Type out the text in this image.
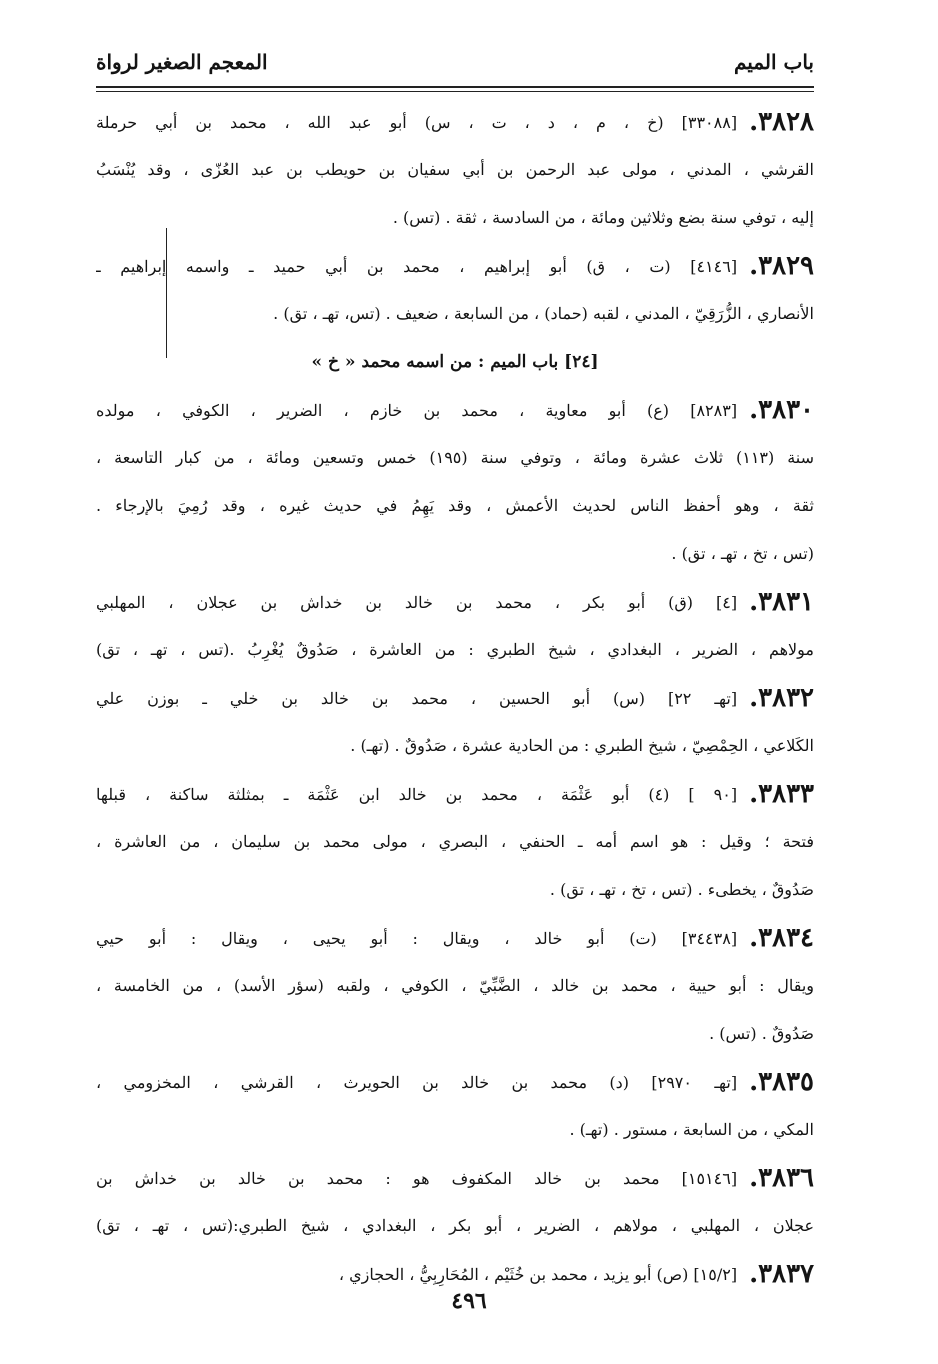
باب الميم
المعجم الصغير لرواة
٣٨٢٨.[٣٣٠٨٨] (خ ، م ، د ، ت ، س) أبو عبد الله ، محمد بن أبي حرملة
القرشي ، المدني ، مولى عبد الرحمن بن أبي سفيان بن حويطب بن عبد العُزّى ، وقد يُنْسَبُ
إليه ، توفي سنة بضع وثلاثين ومائة ، من السادسة ، ثقة . (تس) .
٣٨٢٩.[٤١٤٦] (ت ، ق) أبو إبراهيم ، محمد بن أبي حميد ـ واسمه إبراهيم ـ
الأنصاري ، الزُّرَقِيّ ، المدني ، لقبه (حماد) ، من السابعة ، ضعيف . (تس، تهـ ، تق) .
[٢٤] باب الميم : من اسمه محمد « خ »
٣٨٣٠.[٨٢٨٣] (ع) أبو معاوية ، محمد بن خازم ، الضرير ، الكوفي ، مولده
سنة (١١٣) ثلاث عشرة ومائة ، وتوفي سنة (١٩٥) خمس وتسعين ومائة ، من كبار التاسعة ،
ثقة ، وهو أحفظ الناس لحديث الأعمش ، وقد يَهِمُ في حديث غيره ، وقد رُمِيَ بالإرجاء .
(تس ، تخ ، تهـ ، تق) .
٣٨٣١.[٤] (ق) أبو بكر ، محمد بن خالد بن خداش بن عجلان ، المهلبي
مولاهم ، الضرير ، البغدادي ، شيخ الطبري : من العاشرة ، صَدُوقٌ يُغْرِبُ .(تس ، تهـ ، تق)
٣٨٣٢.[تهـ ٢٢] (س) أبو الحسين ، محمد بن خالد بن خلي ـ بوزن علي
الكَلاعي ، الحِمْصِيّ ، شيخ الطبري : من الحادية عشرة ، صَدُوقٌ . (تهـ) .
٣٨٣٣.[٩٠ ] (٤) أبو عَثْمَة ، محمد بن خالد ابن عَثْمَة ـ بمثلثة ساكنة ، قبلها
فتحة ؛ وقيل : هو اسم أمه ـ الحنفي ، البصري ، مولى محمد بن سليمان ، من العاشرة ،
صَدُوقٌ ، يخطىء . (تس ، تخ ، تهـ ، تق) .
٣٨٣٤.[٣٤٤٣٨] (ت) أبو خالد ، ويقال : أبو يحيى ، ويقال : أبو حيي
ويقال : أبو حيية ، محمد بن خالد ، الضَّبِّيّ ، الكوفي ، ولقبه (سؤر الأسد) ، من الخامسة ،
صَدُوقٌ . (تس) .
٣٨٣٥.[تهـ ٢٩٧٠] (د) محمد بن خالد بن الحويرث ، القرشي ، المخزومي ،
المكي ، من السابعة ، مستور . (تهـ) .
٣٨٣٦.[١٥١٤٦] محمد بن خالد المكفوف هو : محمد بن خالد بن خداش بن
عجلان ، المهلبي ، مولاهم ، الضرير ، أبو بكر ، البغدادي ، شيخ الطبري:(تس ، تهـ ، تق)
٣٨٣٧.[١٥/٢] (ص) أبو يزيد ، محمد بن خُثَيْم ، المُحَارِبِيُّ ، الحجازي ،
٤٩٦
